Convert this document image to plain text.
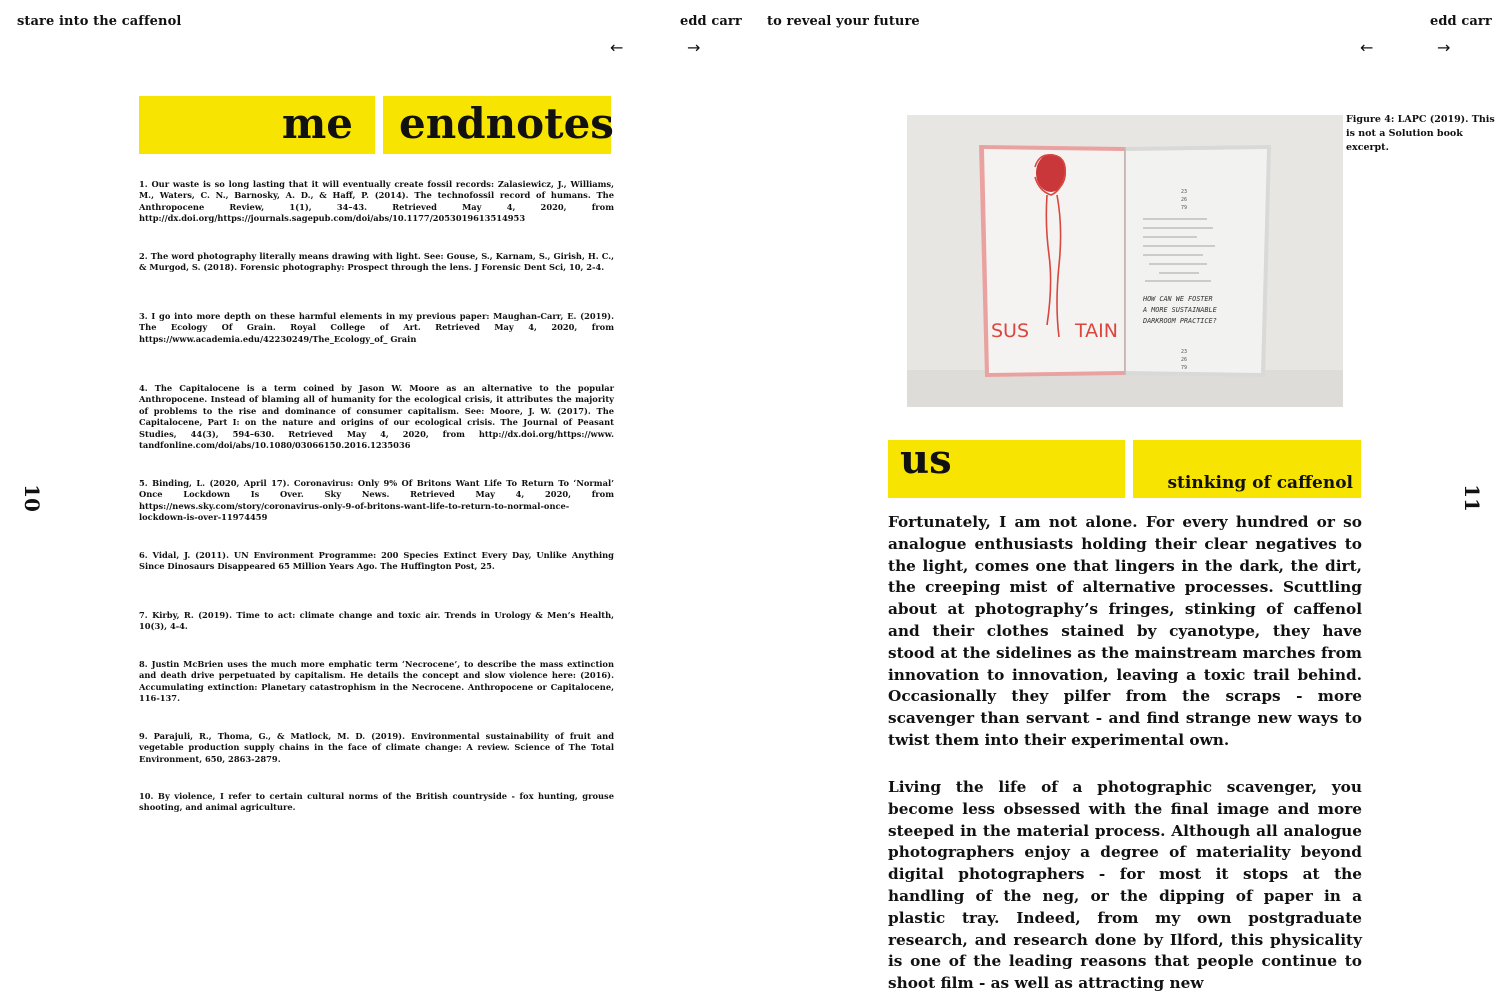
stare into the caffenol	edd carr to reveal your future	edd carr
←	→	←	→
10	11
me endnotes
1. Our waste is so long lasting that it will eventually create fossil records: Zalasiewicz, J., Williams, M., Waters, C. N., Barnosky, A. D., & Haff, P. (2014). The technofossil record of humans. The Anthropocene Review, 1(1), 34–43. Retrieved May 4, 2020, from http://dx.doi.org/https://journals.sagepub.com/doi/abs/10.1177/2053019613514953
2. The word photography literally means drawing with light. See: Gouse, S., Karnam, S., Girish, H. C., & Murgod, S. (2018). Forensic photography: Prospect through the lens. J Forensic Dent Sci, 10, 2-4.
3. I go into more depth on these harmful elements in my previous paper: Maughan-Carr, E. (2019). The Ecology Of Grain. Royal College of Art. Retrieved May 4, 2020, from https://www.academia.edu/42230249/The_Ecology_of_ Grain
4. The Capitalocene is a term coined by Jason W. Moore as an alternative to the popular Anthropocene. Instead of blaming all of humanity for the ecological crisis, it attributes the majority of problems to the rise and dominance of consumer capitalism. See: Moore, J. W. (2017). The Capitalocene, Part I: on the nature and origins of our ecological crisis. The Journal of Peasant Studies, 44(3), 594–630. Retrieved May 4, 2020, from http://dx.doi.org/https://www. tandfonline.com/doi/abs/10.1080/03066150.2016.1235036
5. Binding, L. (2020, April 17). Coronavirus: Only 9% Of Britons Want Life To Return To ‘Normal’ Once Lockdown Is Over. Sky News. Retrieved May 4, 2020, from https://news.sky.com/story/coronavirus-only-9-of-britons-want-life-to-return-to-normal-once-lockdown-is-over-11974459
6. Vidal, J. (2011). UN Environment Programme: 200 Species Extinct Every Day, Unlike Anything Since Dinosaurs Disappeared 65 Million Years Ago. The Huffington Post, 25.
7. Kirby, R. (2019). Time to act: climate change and toxic air. Trends in Urology & Men’s Health, 10(3), 4-4.
8. Justin McBrien uses the much more emphatic term ‘Necrocene’, to describe the mass extinction and death drive perpetuated by capitalism. He details the concept and slow violence here: (2016). Accumulating extinction: Planetary catastrophism in the Necrocene. Anthropocene or Capitalocene, 116-137.
9. Parajuli, R., Thoma, G., & Matlock, M. D. (2019). Environmental sustainability of fruit and vegetable production supply chains in the face of climate change: A review. Science of The Total Environment, 650, 2863-2879.
10. By violence, I refer to certain cultural norms of the British countryside - fox hunting, grouse shooting, and animal agriculture.
SUS TAIN
23
26
79
HOW CAN WE FOSTER A MORE SUSTAINABLE DARKROOM PRACTICE?
23
26
79
Figure 4: LAPC (2019). This is not a Solution book excerpt.
us	stinking of caffenol
Fortunately, I am not alone. For every hundred or so analogue enthusiasts holding their clear negatives to the light, comes one that lingers in the dark, the dirt, the creeping mist of alternative processes. Scuttling about at photography’s fringes, stinking of caffenol and their clothes stained by cyanotype, they have stood at the sidelines as the mainstream marches from innovation to innovation, leaving a toxic trail behind. Occasionally they pilfer from the scraps - more scavenger than servant - and find strange new ways to twist them into their experimental own.
Living the life of a photographic scavenger, you become less obsessed with the final image and more steeped in the material process. Although all analogue photographers enjoy a degree of materiality beyond digital photographers - for most it stops at the handling of the neg, or the dipping of paper in a plastic tray. Indeed, from my own postgraduate research, and research done by Ilford, this physicality is one of the leading reasons that people continue to shoot film - as well as attracting new
